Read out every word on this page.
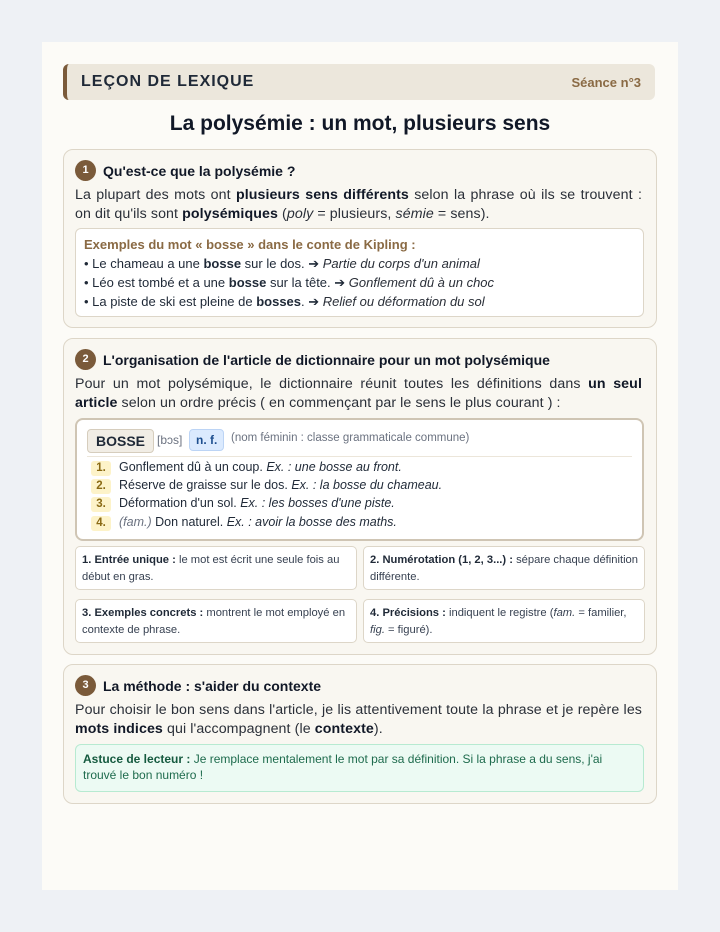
LEÇON DE LEXIQUE	Séance n°3
La polysémie : un mot, plusieurs sens
1	Qu'est-ce que la polysémie ?
La plupart des mots ont plusieurs sens différents selon la phrase où ils se trouvent : on dit qu'ils sont polysémiques (poly = plusieurs, sémie = sens).
Exemples du mot « bosse » dans le conte de Kipling :
• Le chameau a une bosse sur le dos. ➔ Partie du corps d'un animal
• Léo est tombé et a une bosse sur la tête. ➔ Gonflement dû à un choc
• La piste de ski est pleine de bosses. ➔ Relief ou déformation du sol
2	L'organisation de l'article de dictionnaire pour un mot polysémique
Pour un mot polysémique, le dictionnaire réunit toutes les définitions dans un seul article selon un ordre précis ( en commençant par le sens le plus courant ) :
BOSSE [bɔs]	n. f.	(nom féminin : classe grammaticale commune)
1. Gonflement dû à un coup. Ex. : une bosse au front.
2. Réserve de graisse sur le dos. Ex. : la bosse du chameau.
3. Déformation d'un sol. Ex. : les bosses d'une piste.
4. (fam.) Don naturel. Ex. : avoir la bosse des maths.
1. Entrée unique : le mot est écrit une seule fois au début en gras.
2. Numérotation (1, 2, 3...) : sépare chaque définition différente.
3. Exemples concrets : montrent le mot employé en contexte de phrase.
4. Précisions : indiquent le registre (fam. = familier, fig. = figuré).
3	La méthode : s'aider du contexte
Pour choisir le bon sens dans l'article, je lis attentivement toute la phrase et je repère les mots indices qui l'accompagnent (le contexte).
Astuce de lecteur : Je remplace mentalement le mot par sa définition. Si la phrase a du sens, j'ai trouvé le bon numéro !
